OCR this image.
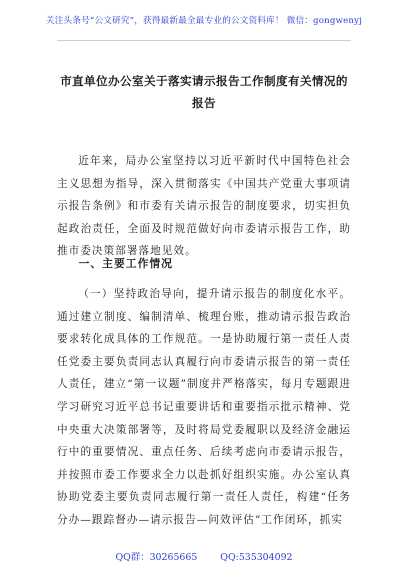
关注头条号“公文研究”，获得最新最全最专业的公文资料库！ 微信：gongwenyj
市直单位办公室关于落实请示报告工作制度有关情况的报告
近年来，局办公室坚持以习近平新时代中国特色社会主义思想为指导，深入贯彻落实《中国共产党重大事项请示报告条例》和市委有关请示报告的制度要求，切实担负起政治责任，全面及时规范做好向市委请示报告工作，助推市委决策部署落地见效。
一、主要工作情况
（一）坚持政治导向，提升请示报告的制度化水平。通过建立制度、编制清单、梳理台账，推动请示报告政治要求转化成具体的工作规范。一是协助履行第一责任人责任党委主要负责同志认真履行向市委请示报告的第一责任人责任，建立“第一议题”制度并严格落实，每月专题跟进学习研究习近平总书记重要讲话和重要指示批示精神、党中央重大决策部署等，及时将局党委履职以及经济金融运行中的重要情况、重点任务、后续考虑向市委请示报告，并按照市委工作要求全力以赴抓好组织实施。办公室认真协助党委主要负责同志履行第一责任人责任，构建“任务分办—跟踪督办—请示报告—问效评估”工作闭环，抓实
QQ群：30265665 QQ:535304092
